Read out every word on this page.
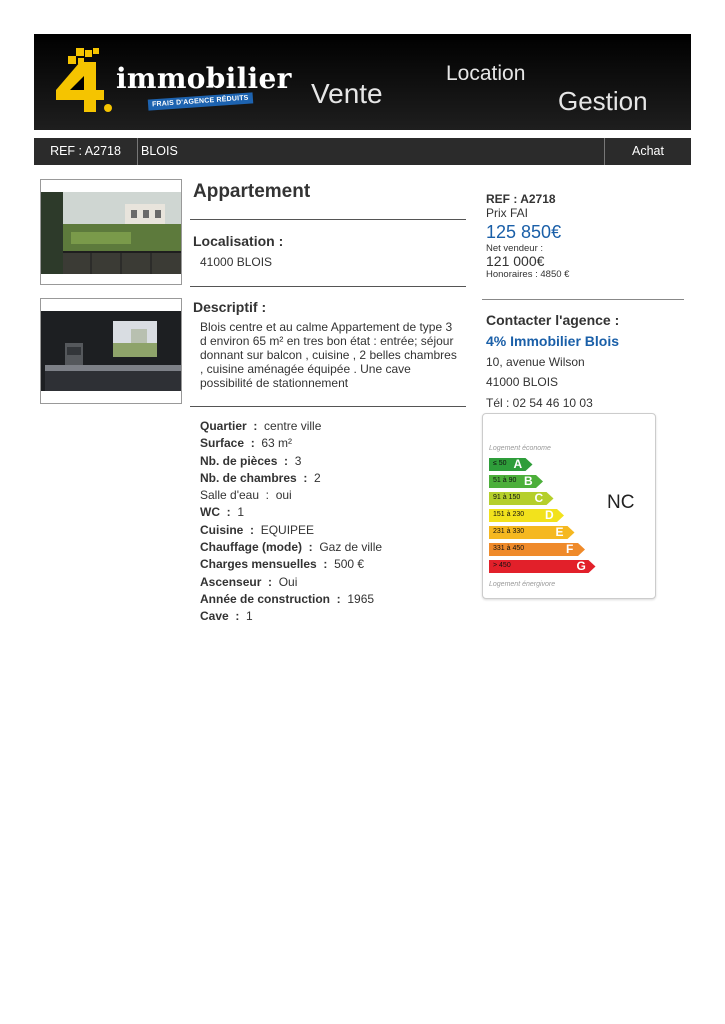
immobilier
FRAIS D'AGENCE RÉDUITS Vente
Location
Gestion
REF : A2718	BLOIS	Achat
Appartement
Localisation :
41000 BLOIS
Descriptif :
Blois centre et au calme Appartement de type 3 d environ 65 m² en tres bon état : entrée; séjour donnant sur balcon , cuisine , 2 belles chambres , cuisine aménagée équipée . Une cave possibilité de stationnement
Quartier  :  centre ville
Surface  :  63 m²
Nb. de pièces  :  3
Nb. de chambres  :  2
Salle d'eau  :  oui
WC  :  1
Cuisine  :  EQUIPEE
Chauffage (mode)  :  Gaz de ville
Charges mensuelles  :  500 €
Ascenseur  :  Oui
Année de construction  :  1965
Cave  :  1
REF : A2718
Prix FAI
125 850€
Net vendeur :
121 000€
Honoraires : 4850 €
Contacter l'agence :
4% Immobilier Blois
10, avenue Wilson
41000 BLOIS
Tél : 02 54 46 10 03
Logement économe
≤ 50 A
51 à 90 B
91 à 150 C
151 à 230 D
231 à 330	E
331 à 450	F
> 450	G
Logement énergivore
NC
